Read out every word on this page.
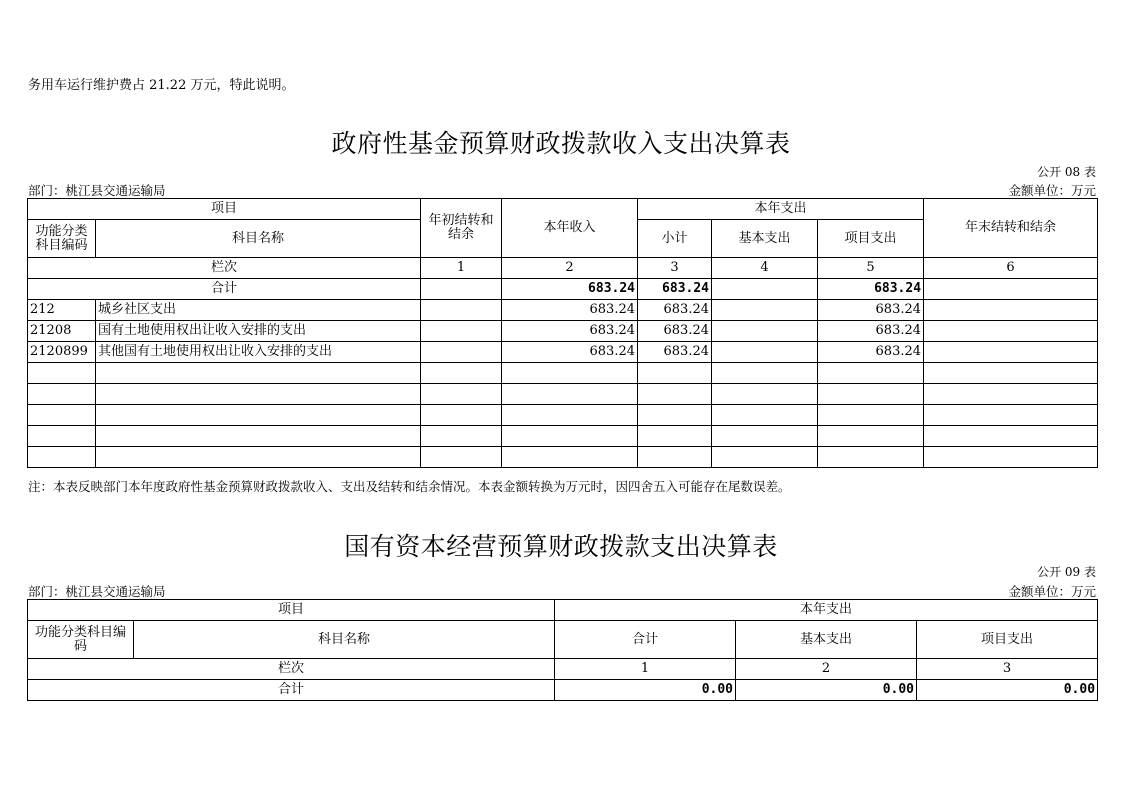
务用车运行维护费占 21.22 万元，特此说明。
政府性基金预算财政拨款收入支出决算表
公开 08 表
部门：桃江县交通运输局	金额单位：万元
项目		年初结转和结余	本年收入	本年支出			年末结转和结余
功能分类科目编码	科目名称			小计	基本支出	项目支出	
栏次		1	2	3	4	5	6
合计			683.24	683.24		683.24	
212	城乡社区支出		683.24	683.24		683.24	
21208	国有土地使用权出让收入安排的支出		683.24	683.24		683.24	
2120899	其他国有土地使用权出让收入安排的支出		683.24	683.24		683.24	

注：本表反映部门本年度政府性基金预算财政拨款收入、支出及结转和结余情况。本表金额转换为万元时，因四舍五入可能存在尾数误差。
国有资本经营预算财政拨款支出决算表
公开 09 表
部门：桃江县交通运输局	金额单位：万元
项目		本年支出		
功能分类科目编码	科目名称	合计	基本支出	项目支出
栏次		1	2	3
合计		0.00	0.00	0.00
